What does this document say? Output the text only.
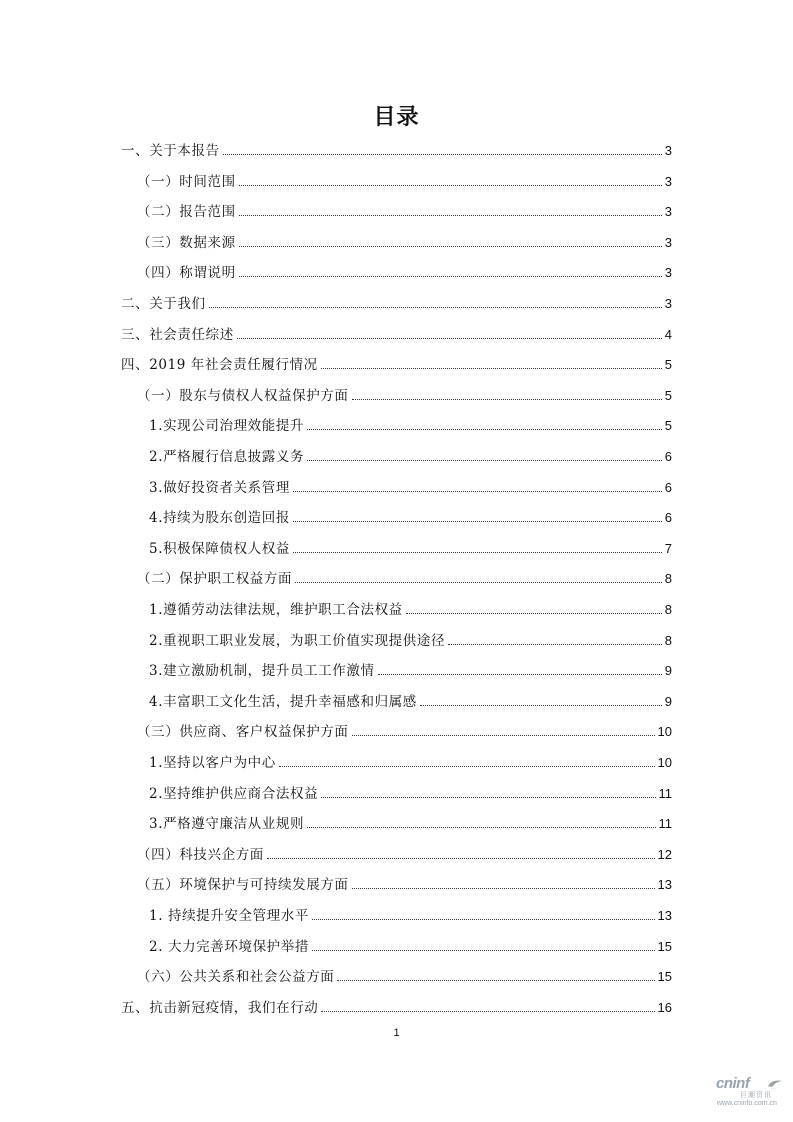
目录
一、关于本报告	3
（一）时间范围	3
（二）报告范围	3
（三）数据来源	3
（四）称谓说明	3
二、关于我们	3
三、社会责任综述	4
四、2019 年社会责任履行情况	5
（一）股东与债权人权益保护方面	5
1.实现公司治理效能提升	5
2.严格履行信息披露义务	6
3.做好投资者关系管理	6
4.持续为股东创造回报	6
5.积极保障债权人权益	7
（二）保护职工权益方面	8
1.遵循劳动法律法规，维护职工合法权益	8
2.重视职工职业发展，为职工价值实现提供途径	8
3.建立激励机制，提升员工工作激情	9
4.丰富职工文化生活，提升幸福感和归属感	9
（三）供应商、客户权益保护方面	10
1.坚持以客户为中心	10
2.坚持维护供应商合法权益	11
3.严格遵守廉洁从业规则	11
（四）科技兴企方面	12
（五）环境保护与可持续发展方面	13
1. 持续提升安全管理水平	13
2. 大力完善环境保护举措	15
（六）公共关系和社会公益方面	15
五、抗击新冠疫情，我们在行动	16
1
cninf
巨潮资讯
www.cninfo.com.cn
